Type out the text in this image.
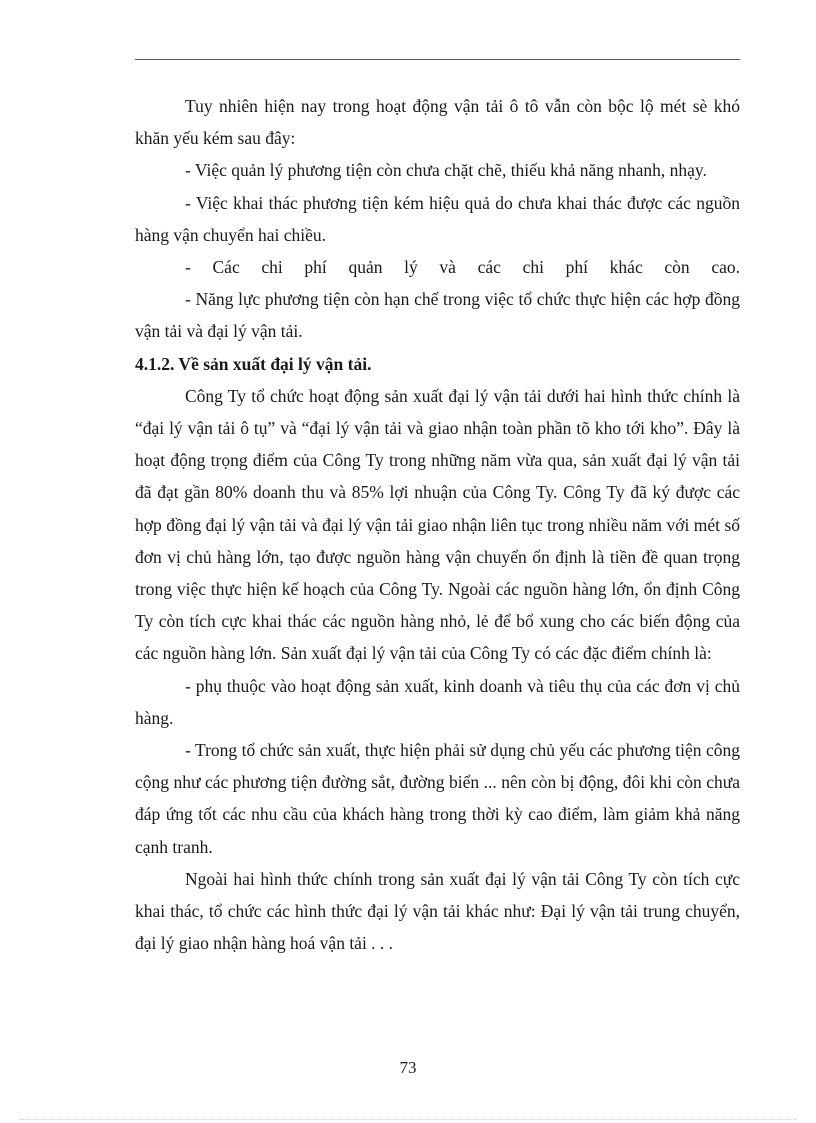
Tuy nhiên hiện nay trong hoạt động vận tải ô tô vẫn còn bộc lộ mét sè khó khăn yếu kém sau đây:

- Việc quản lý phương tiện còn chưa chặt chẽ, thiếu khả năng nhanh, nhạy.

- Việc khai thác phương tiện kém hiệu quả do chưa khai thác được các nguồn hàng vận chuyển hai chiều.

- Các chi phí quản lý và các chi phí khác còn cao.

- Năng lực phương tiện còn hạn chế trong việc tổ chức thực hiện các hợp đồng vận tải và đại lý vận tải.

4.1.2. Về sản xuất đại lý vận tải.

Công Ty tổ chức hoạt động sản xuất đại lý vận tải dưới hai hình thức chính là “đại lý vận tải ô tụ” và “đại lý vận tải và giao nhận toàn phần tõ kho tới kho”. Đây là hoạt động trọng điểm của Công Ty trong những năm vừa qua, sản xuất đại lý vận tải đã đạt gần 80% doanh thu và 85% lợi nhuận của Công Ty. Công Ty đã ký được các hợp đồng đại lý vận tải và đại lý vận tải giao nhận liên tục trong nhiều năm với mét số đơn vị chủ hàng lớn, tạo được nguồn hàng vận chuyển ổn định là tiền đề quan trọng trong việc thực hiện kế hoạch của Công Ty. Ngoài các nguồn hàng lớn, ổn định Công Ty còn tích cực khai thác các nguồn hàng nhỏ, lẻ để bổ xung cho các biến động của các nguồn hàng lớn. Sản xuất đại lý vận tải của Công Ty có các đặc điểm chính là:

- phụ thuộc vào hoạt động sản xuất, kinh doanh và tiêu thụ của các đơn vị chủ hàng.

- Trong tổ chức sản xuất, thực hiện phải sử dụng chủ yếu các phương tiện công cộng như các phương tiện đường sắt, đường biển ... nên còn bị động, đôi khi còn chưa đáp ứng tốt các nhu cầu của khách hàng trong thời kỳ cao điểm, làm giảm khả năng cạnh tranh.

Ngoài hai hình thức chính trong sản xuất đại lý vận tải Công Ty còn tích cực khai thác, tổ chức các hình thức đại lý vận tải khác như: Đại lý vận tải trung chuyển, đại lý giao nhận hàng hoá vận tải . . .

73
